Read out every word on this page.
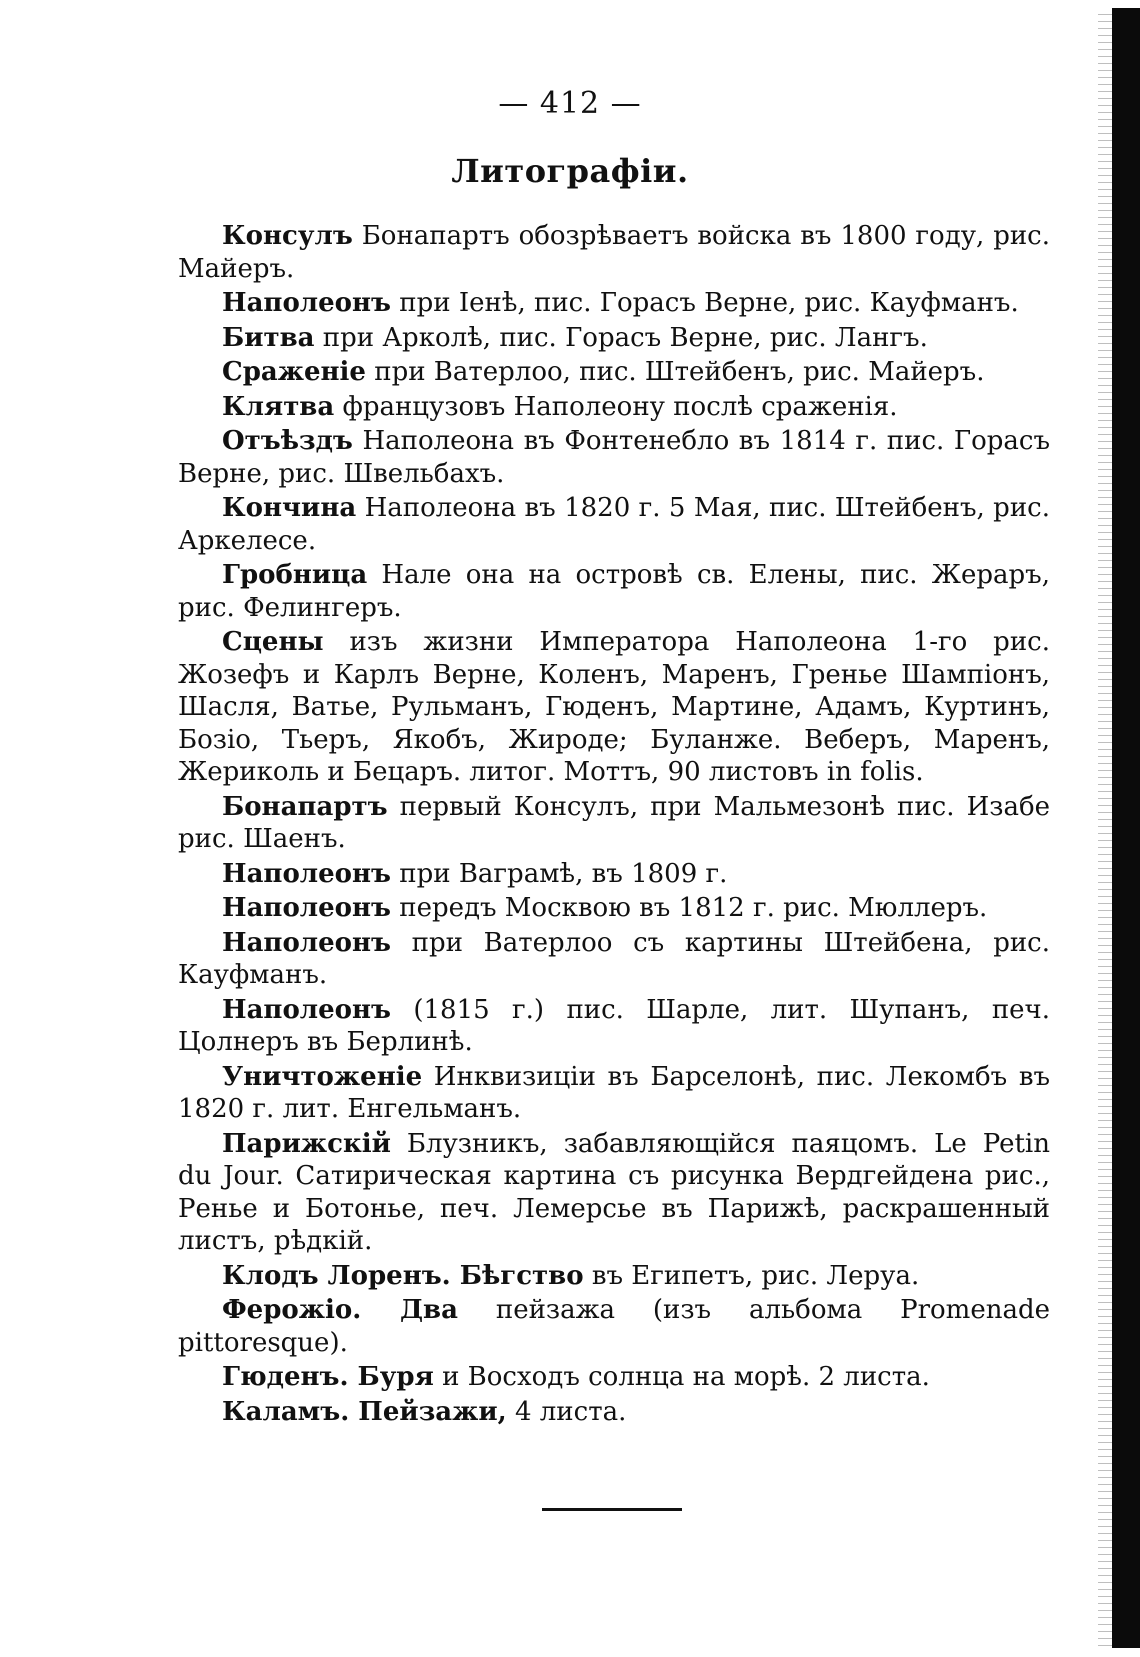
— 412 —
Литографіи.
Консулъ Бонапартъ обозрѣваетъ войска въ 1800 году, рис. Майеръ.
Наполеонъ при Іенѣ, пис. Горасъ Верне, рис. Кауфманъ.
Битва при Арколѣ, пис. Горасъ Верне, рис. Лангъ.
Сраженіе при Ватерлоо, пис. Штейбенъ, рис. Майеръ.
Клятва французовъ Наполеону послѣ сраженія.
Отъѣздъ Наполеона въ Фонтенебло въ 1814 г. пис. Горасъ Верне, рис. Швельбахъ.
Кончина Наполеона въ 1820 г. 5 Мая, пис. Штейбенъ, рис. Аркелесе.
Гробница Нале она на островѣ св. Елены, пис. Жераръ, рис. Фелингеръ.
Сцены изъ жизни Императора Наполеона 1-го рис. Жозефъ и Карлъ Верне, Коленъ, Маренъ, Гренье Шампіонъ, Шасля, Ватье, Рульманъ, Гюденъ, Мартине, Адамъ, Куртинъ, Бозіо, Тьеръ, Якобъ, Жироде; Буланже. Веберъ, Маренъ, Жериколь и Бецаръ. литог. Моттъ, 90 листовъ in folis.
Бонапартъ первый Консулъ, при Мальмезонѣ пис. Изабе рис. Шаенъ.
Наполеонъ при Ваграмѣ, въ 1809 г.
Наполеонъ передъ Москвою въ 1812 г. рис. Мюллеръ.
Наполеонъ при Ватерлоо съ картины Штейбена, рис. Кауфманъ.
Наполеонъ (1815 г.) пис. Шарле, лит. Шупанъ, печ. Цолнеръ въ Берлинѣ.
Уничтоженіе Инквизиціи въ Барселонѣ, пис. Лекомбъ въ 1820 г. лит. Енгельманъ.
Парижскій Блузникъ, забавляющійся паяцомъ. Le Petin du Jour. Сатирическая картина съ рисунка Вердгейдена рис., Ренье и Ботонье, печ. Лемерсье въ Парижѣ, раскрашенный листъ, рѣдкій.
Клодъ Лоренъ. Бѣгство въ Египетъ, рис. Леруа.
Ферожіо. Два пейзажа (изъ альбома Promenade pittoresque).
Гюденъ. Буря и Восходъ солнца на морѣ. 2 листа.
Каламъ. Пейзажи, 4 листа.
